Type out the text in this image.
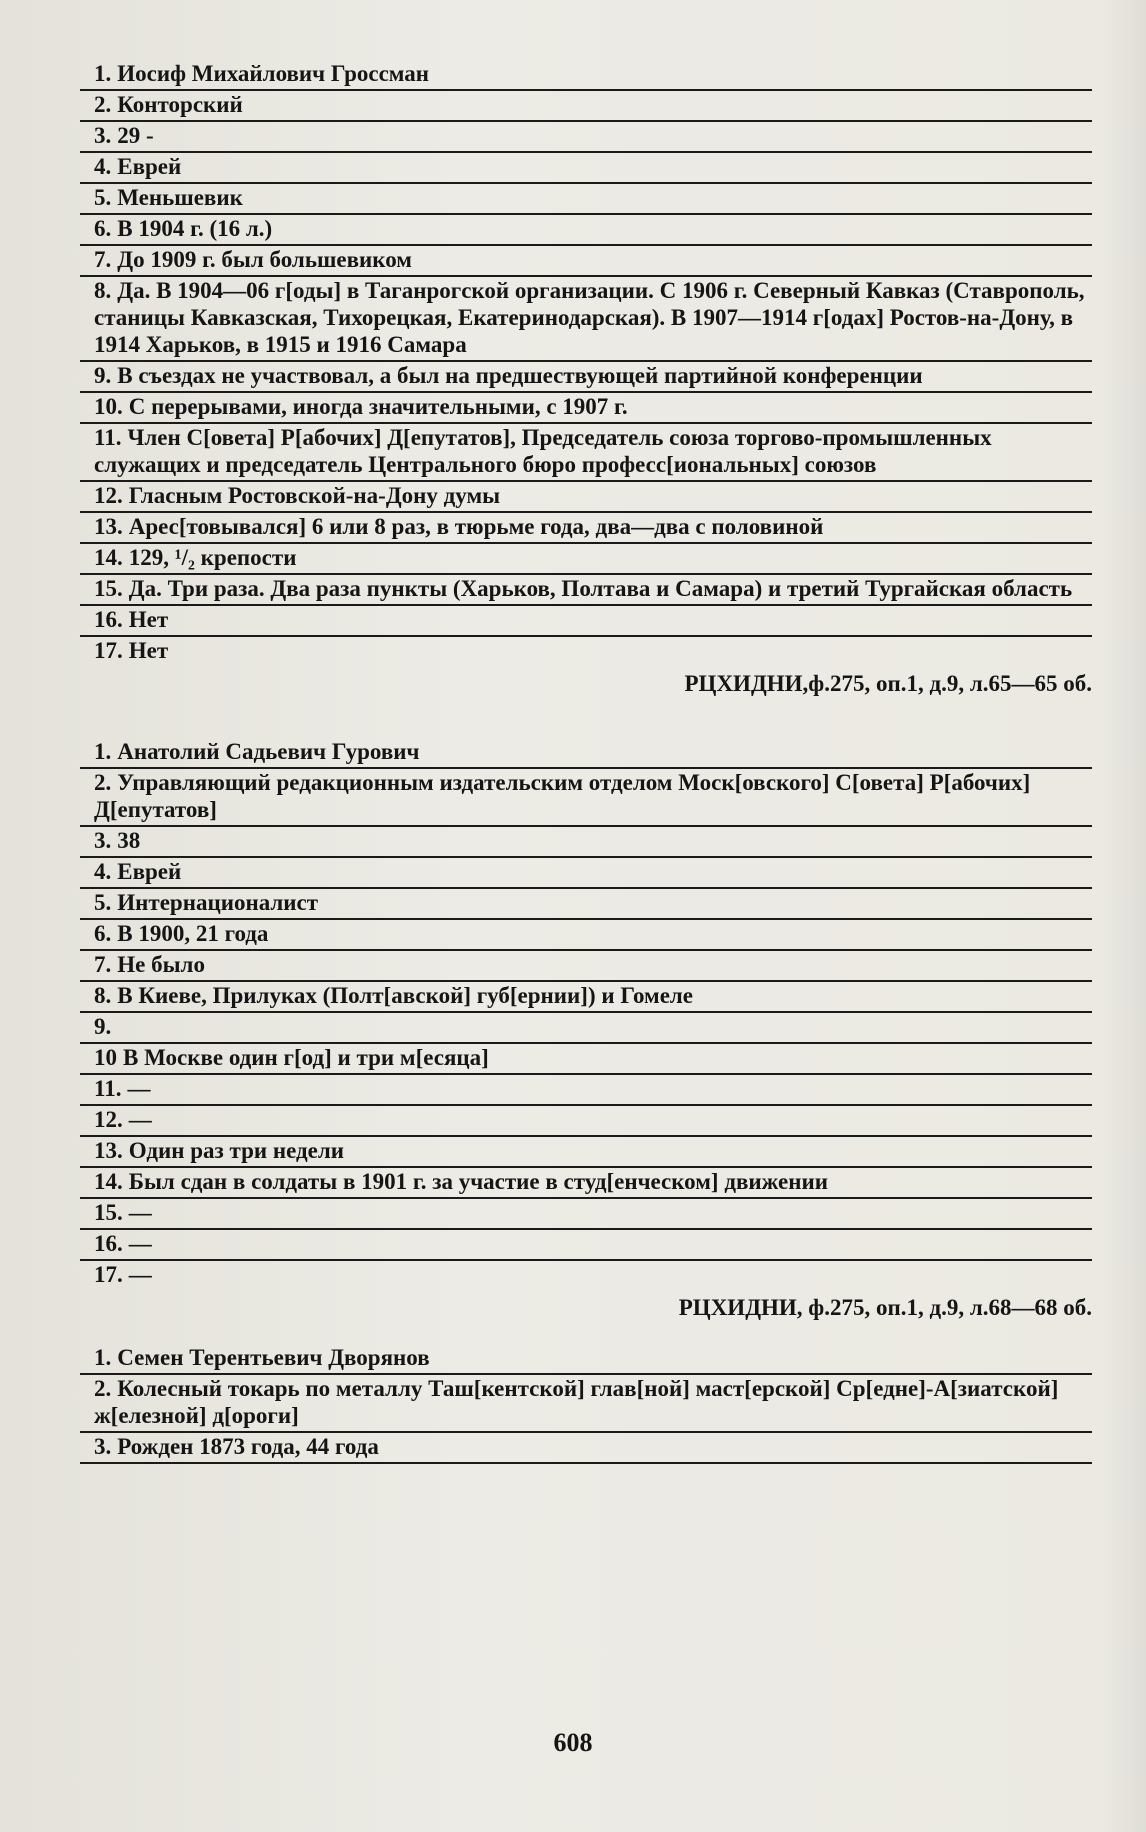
1. Иосиф Михайлович Гроссман
2. Конторский
3. 29 -
4. Еврей
5. Меньшевик
6. В 1904 г. (16 л.)
7. До 1909 г. был большевиком
8. Да. В 1904—06 г[оды] в Таганрогской организации. С 1906 г. Северный Кавказ (Ставрополь, станицы Кавказская, Тихорецкая, Екатеринодарская). В 1907—1914 г[одах] Ростов-на-Дону, в 1914 Харьков, в 1915 и 1916 Самара
9. В съездах не участвовал, а был на предшествующей партийной конференции
10. С перерывами, иногда значительными, с 1907 г.
11. Член С[овета] Р[абочих] Д[епутатов], Председатель союза торгово-промышленных служащих и председатель Центрального бюро професс[иональных] союзов
12. Гласным Ростовской-на-Дону думы
13. Арес[товывался] 6 или 8 раз, в тюрьме года, два—два с половиной
14. 129, ¹/₂ крепости
15. Да. Три раза. Два раза пункты (Харьков, Полтава и Самара) и третий Тургайская область
16. Нет
17. Нет
РЦХИДНИ,ф.275, оп.1, д.9, л.65—65 об.
1. Анатолий Садьевич Гурович
2. Управляющий редакционным издательским отделом Моск[овского] С[овета] Р[абочих] Д[епутатов]
3. 38
4. Еврей
5. Интернационалист
6. В 1900, 21 года
7. Не было
8. В Киеве, Прилуках (Полт[авской] губ[ернии]) и Гомеле
9.
10 В Москве один г[од] и три м[есяца]
11. —
12. —
13. Один раз три недели
14. Был сдан в солдаты в 1901 г. за участие в студ[енческом] движении
15. —
16. —
17. —
РЦХИДНИ, ф.275, оп.1, д.9, л.68—68 об.
1. Семен Терентьевич Дворянов
2. Колесный токарь по металлу Таш[кентской] глав[ной] маст[ерской] Ср[едне]-А[зиатской] ж[елезной] д[ороги]
3. Рожден 1873 года, 44 года
608
